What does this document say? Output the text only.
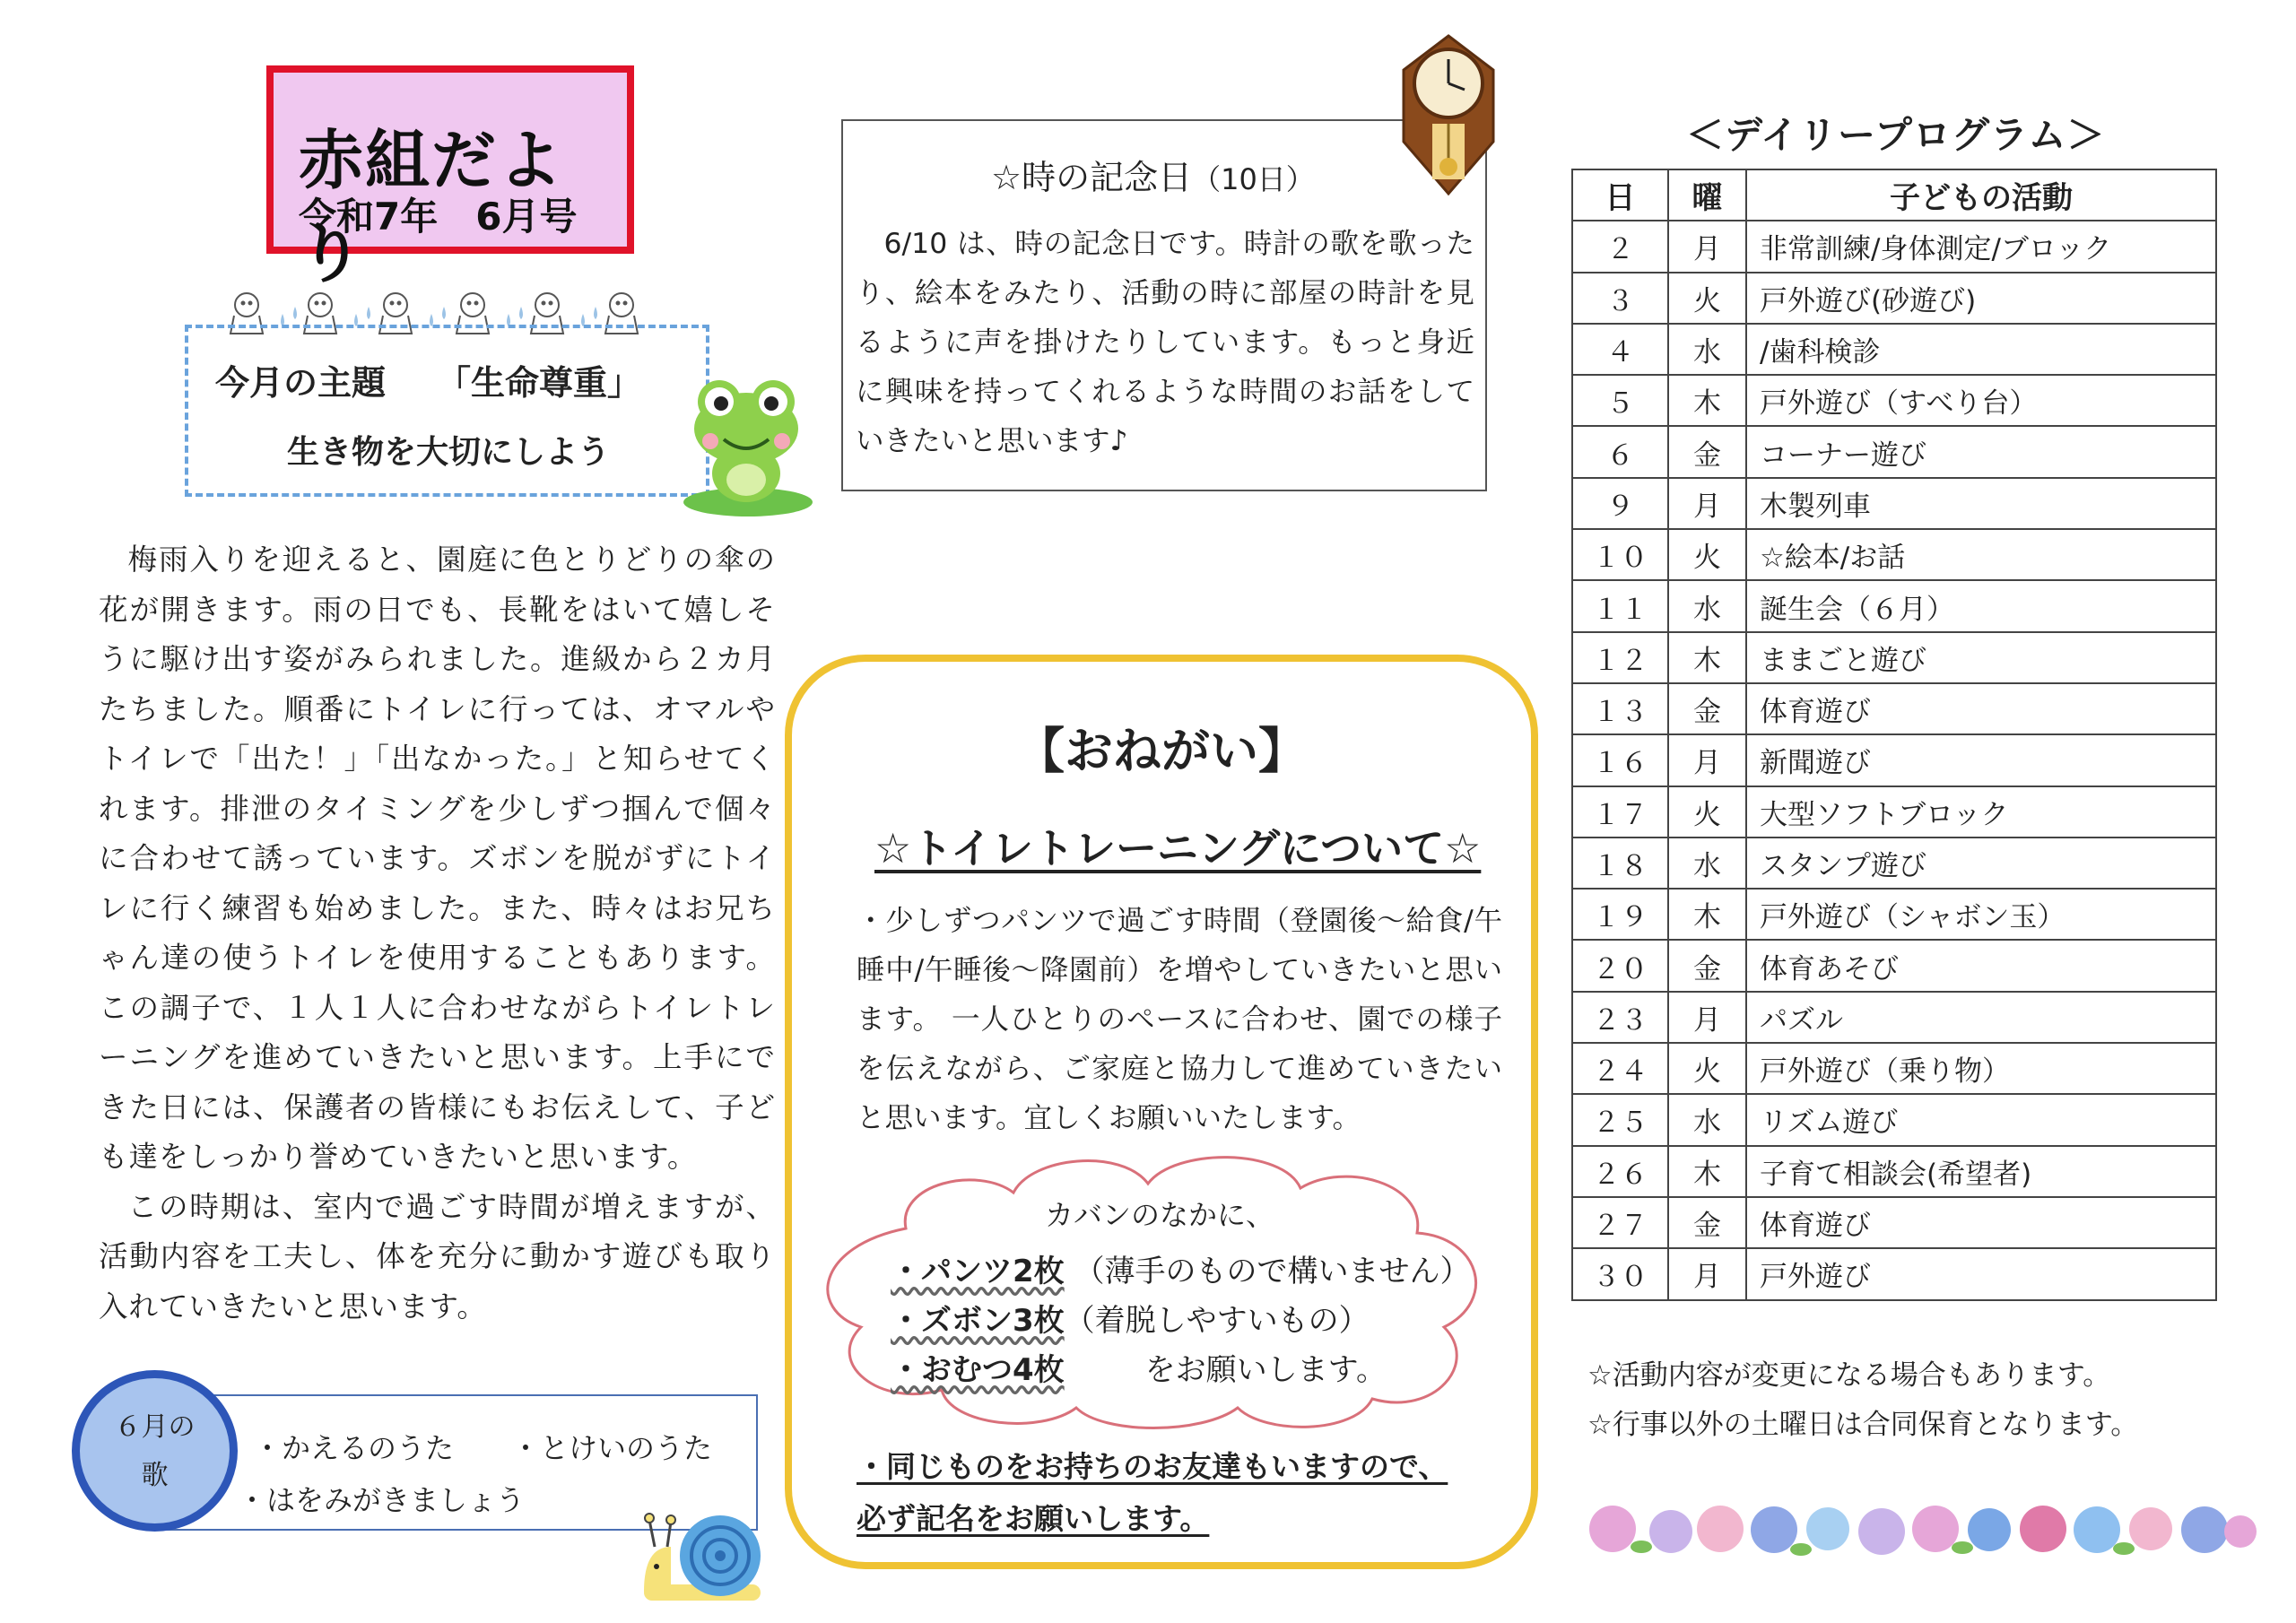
赤組だより
令和7年　6月号
今月の主題　　「生命尊重」
生き物を大切にしよう

梅雨入りを迎えると、園庭に色とりどりの傘の花が開きます。雨の日でも、長靴をはいて嬉しそうに駆け出す姿がみられました。進級から２カ月たちました。順番にトイレに行っては、オマルやトイレで「出た！」「出なかった。」と知らせてくれます。排泄のタイミングを少しずつ掴んで個々に合わせて誘っています。ズボンを脱がずにトイレに行く練習も始めました。また、時々はお兄ちゃん達の使うトイレを使用することもあります。この調子で、１人１人に合わせながらトイレトレーニングを進めていきたいと思います。上手にできた日には、保護者の皆様にもお伝えして、子ども達をしっかり誉めていきたいと思います。

この時期は、室内で過ごす時間が増えますが、活動内容を工夫し、体を充分に動かす遊びも取り入れていきたいと思います。

６月の
歌
・かえるのうた　　・とけいのうた
・はをみがきましょう
☆時の記念日（10日）
6/10 は、時の記念日です。時計の歌を歌ったり、絵本をみたり、活動の時に部屋の時計を見るように声を掛けたりしています。もっと身近に興味を持ってくれるような時間のお話をしていきたいと思います♪
【おねがい】
☆トイレトレーニングについて☆
・少しずつパンツで過ごす時間（登園後～給食/午睡中/午睡後～降園前）を増やしていきたいと思います。 一人ひとりのペースに合わせ、園での様子を伝えながら、ご家庭と協力して進めていきたいと思います。宜しくお願いいたします。
カバンのなかに、
・パンツ2枚 （薄手のもので構いません）
・ズボン3枚（着脱しやすいもの）
・おむつ4枚	をお願いします。
・同じものをお持ちのお友達もいますので、
必ず記名をお願いします。
＜デイリープログラム＞
日	曜	子どもの活動
２	月	非常訓練/身体測定/ブロック
３	火	戸外遊び(砂遊び)
４	水	/歯科検診
５	木	戸外遊び（すべり台）
６	金	コーナー遊び
９	月	木製列車
１０	火	☆絵本/お話
１１	水	誕生会（６月）
１２	木	ままごと遊び
１３	金	体育遊び
１６	月	新聞遊び
１７	火	大型ソフトブロック
１８	水	スタンプ遊び
１９	木	戸外遊び（シャボン玉）
２０	金	体育あそび
２３	月	パズル
２４	火	戸外遊び（乗り物）
２５	水	リズム遊び
２６	木	子育て相談会(希望者)
２７	金	体育遊び
３０	月	戸外遊び
☆活動内容が変更になる場合もあります。
☆行事以外の土曜日は合同保育となります。
